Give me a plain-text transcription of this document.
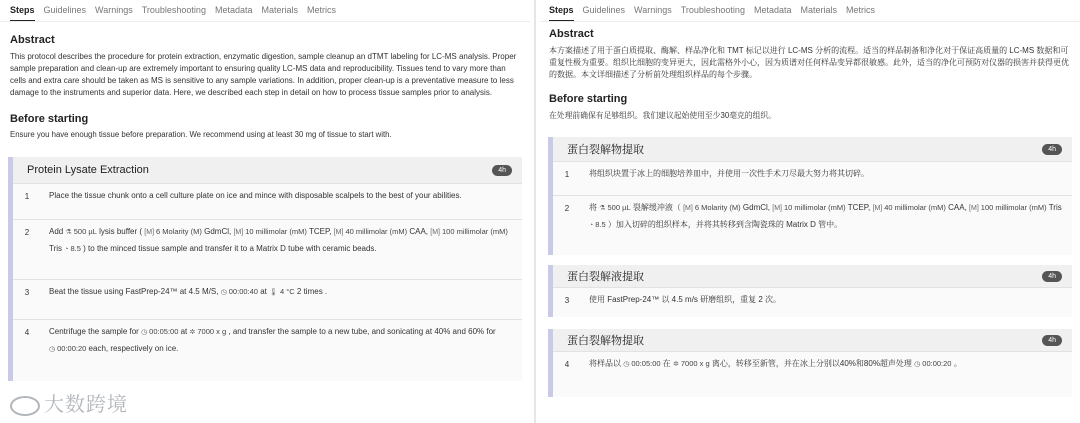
Steps Guidelines Warnings Troubleshooting Metadata Materials Metrics
Abstract
This protocol describes the procedure for protein extraction, enzymatic digestion, sample cleanup an dTMT labeling for LC-MS analysis. Proper sample preparation and clean-up are extremely important to ensuring quality LC-MS data and reproducibility. Tissues tend to vary more than cells and extra care should be taken as MS is sensitive to any sample variations. In addition, proper clean-up is a preventative measure to less damage to the instruments and superior data. Here, we described each step in detail on how to process tissue samples prior to analysis.
Before starting
Ensure you have enough tissue before preparation. We recommend using at least 30 mg of tissue to start with.
Protein Lysate Extraction	4h
1	Place the tissue chunk onto a cell culture plate on ice and mince with disposable scalpels to the best of your abilities.
2	Add ⚗ 500 µL lysis buffer ( [M] 6 Molarity (M) GdmCl, [M] 10 millimolar (mM) TCEP, [M] 40 millimolar (mM) CAA, [M] 100 millimolar (mM) Tris ◔ 8.5 ) to the minced tissue sample and transfer it to a Matrix D tube with ceramic beads.
3	Beat the tissue using FastPrep-24™ at 4.5 M/S, ◷ 00:00:40 at 🌡 4 °C 2 times .
4	Centrifuge the sample for ◷ 00:05:00 at ✲ 7000 x g , and transfer the sample to a new tube, and sonicating at 40% and 60% for ◷ 00:00:20 each, respectively on ice.
大数跨境
Steps Guidelines Warnings Troubleshooting Metadata Materials Metrics
Abstract
本方案描述了用于蛋白质提取、酶解、样品净化和 TMT 标记以进行 LC-MS 分析的流程。适当的样品制备和净化对于保证高质量的 LC-MS 数据和可重复性极为重要。组织比细胞的变异更大，因此需格外小心，因为质谱对任何样品变异都很敏感。此外，适当的净化可预防对仪器的损害并获得更优的数据。本文详细描述了分析前处理组织样品的每个步骤。
Before starting
在处理前确保有足够组织。我们建议起始使用至少30毫克的组织。
蛋白裂解物提取	4h
1	将组织块置于冰上的细胞培养皿中，并使用一次性手术刀尽最大努力将其切碎。
2	将 ⚗ 500 µL 裂解缓冲液（ [M] 6 Molarity (M) GdmCl, [M] 10 millimolar (mM) TCEP, [M] 40 millimolar (mM) CAA, [M] 100 millimolar (mM) Tris ◔ 8.5 ）加入切碎的组织样本，并将其转移到含陶瓷珠的 Matrix D 管中。
蛋白裂解液提取	4h
3	使用 FastPrep-24™ 以 4.5 m/s 研磨组织，重复 2 次。
蛋白裂解物提取	4h
4	将样品以 ◷ 00:05:00 在 ✲ 7000 x g 离心，转移至新管，并在冰上分别以40%和80%超声处理 ◷ 00:00:20 。
